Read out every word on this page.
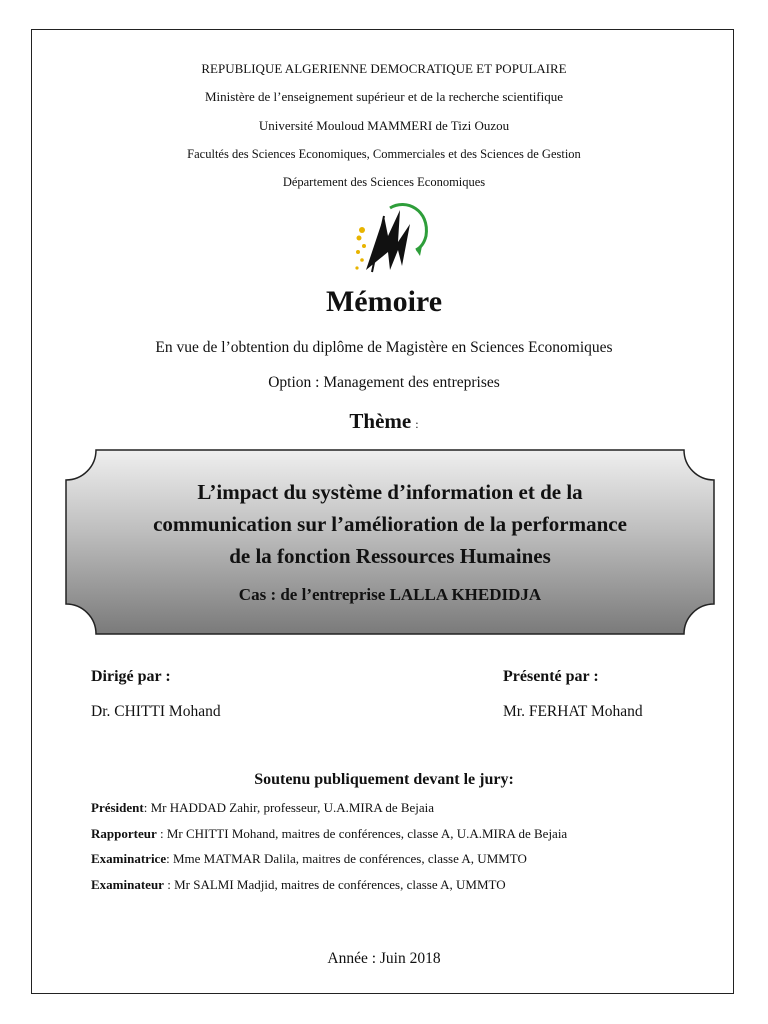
REPUBLIQUE ALGERIENNE DEMOCRATIQUE ET POPULAIRE
Ministère de l’enseignement supérieur et de la recherche scientifique
Université Mouloud MAMMERI de Tizi Ouzou
Facultés des Sciences Economiques, Commerciales et des Sciences de Gestion
Département des Sciences Economiques
Mémoire
En vue de l’obtention du diplôme de Magistère en Sciences Economiques
Option : Management des entreprises
Thème :
L’impact du système d’information et de la
communication sur l’amélioration de la performance
de la fonction Ressources Humaines
Cas : de l’entreprise LALLA KHEDIDJA
Dirigé par :
Dr. CHITTI Mohand
Présenté par :
Mr. FERHAT Mohand
Soutenu publiquement devant le jury:
Président: Mr HADDAD Zahir, professeur, U.A.MIRA de Bejaia
Rapporteur : Mr CHITTI Mohand, maitres de conférences, classe A, U.A.MIRA de Bejaia
Examinatrice: Mme MATMAR Dalila, maitres de conférences, classe A, UMMTO
Examinateur : Mr SALMI Madjid, maitres de conférences, classe A, UMMTO
Année : Juin 2018
